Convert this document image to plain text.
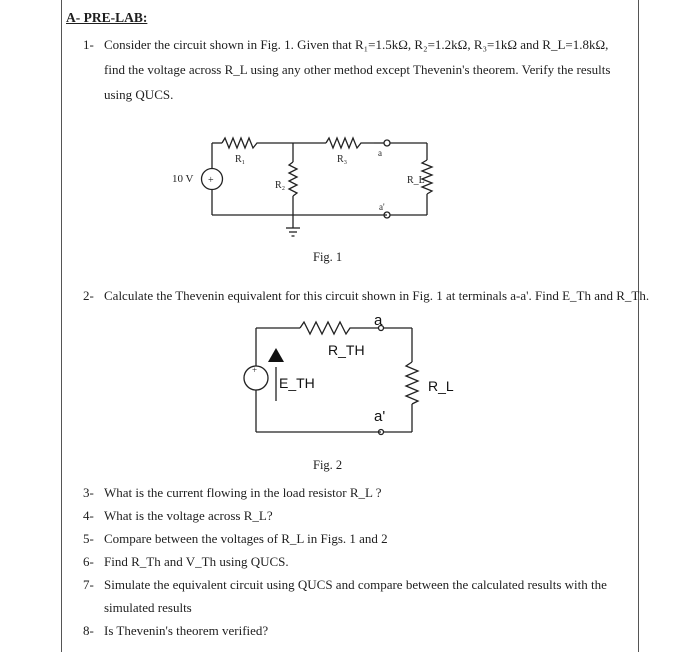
A- PRE-LAB:
1- Consider the circuit shown in Fig. 1. Given that R₁=1.5kΩ, R₂=1.2kΩ, R₃=1kΩ and R_L=1.8kΩ,
find the voltage across R_L using any other method except Thevenin's theorem. Verify the results
using QUCS.
+
10 V
R₁
R₂
R₃
R_L
a
a'
Fig. 1
2- Calculate the Thevenin equivalent for this circuit shown in Fig. 1 at terminals a-a'. Find E_Th and R_Th.
+
E_TH
R_TH
a
a'
R_L
Fig. 2
3- What is the current flowing in the load resistor R_L ?
4- What is the voltage across R_L?
5- Compare between the voltages of R_L in Figs. 1 and 2
6- Find R_Th and V_Th using QUCS.
7- Simulate the equivalent circuit using QUCS and compare between the calculated results with the
simulated results
8- Is Thevenin's theorem verified?
